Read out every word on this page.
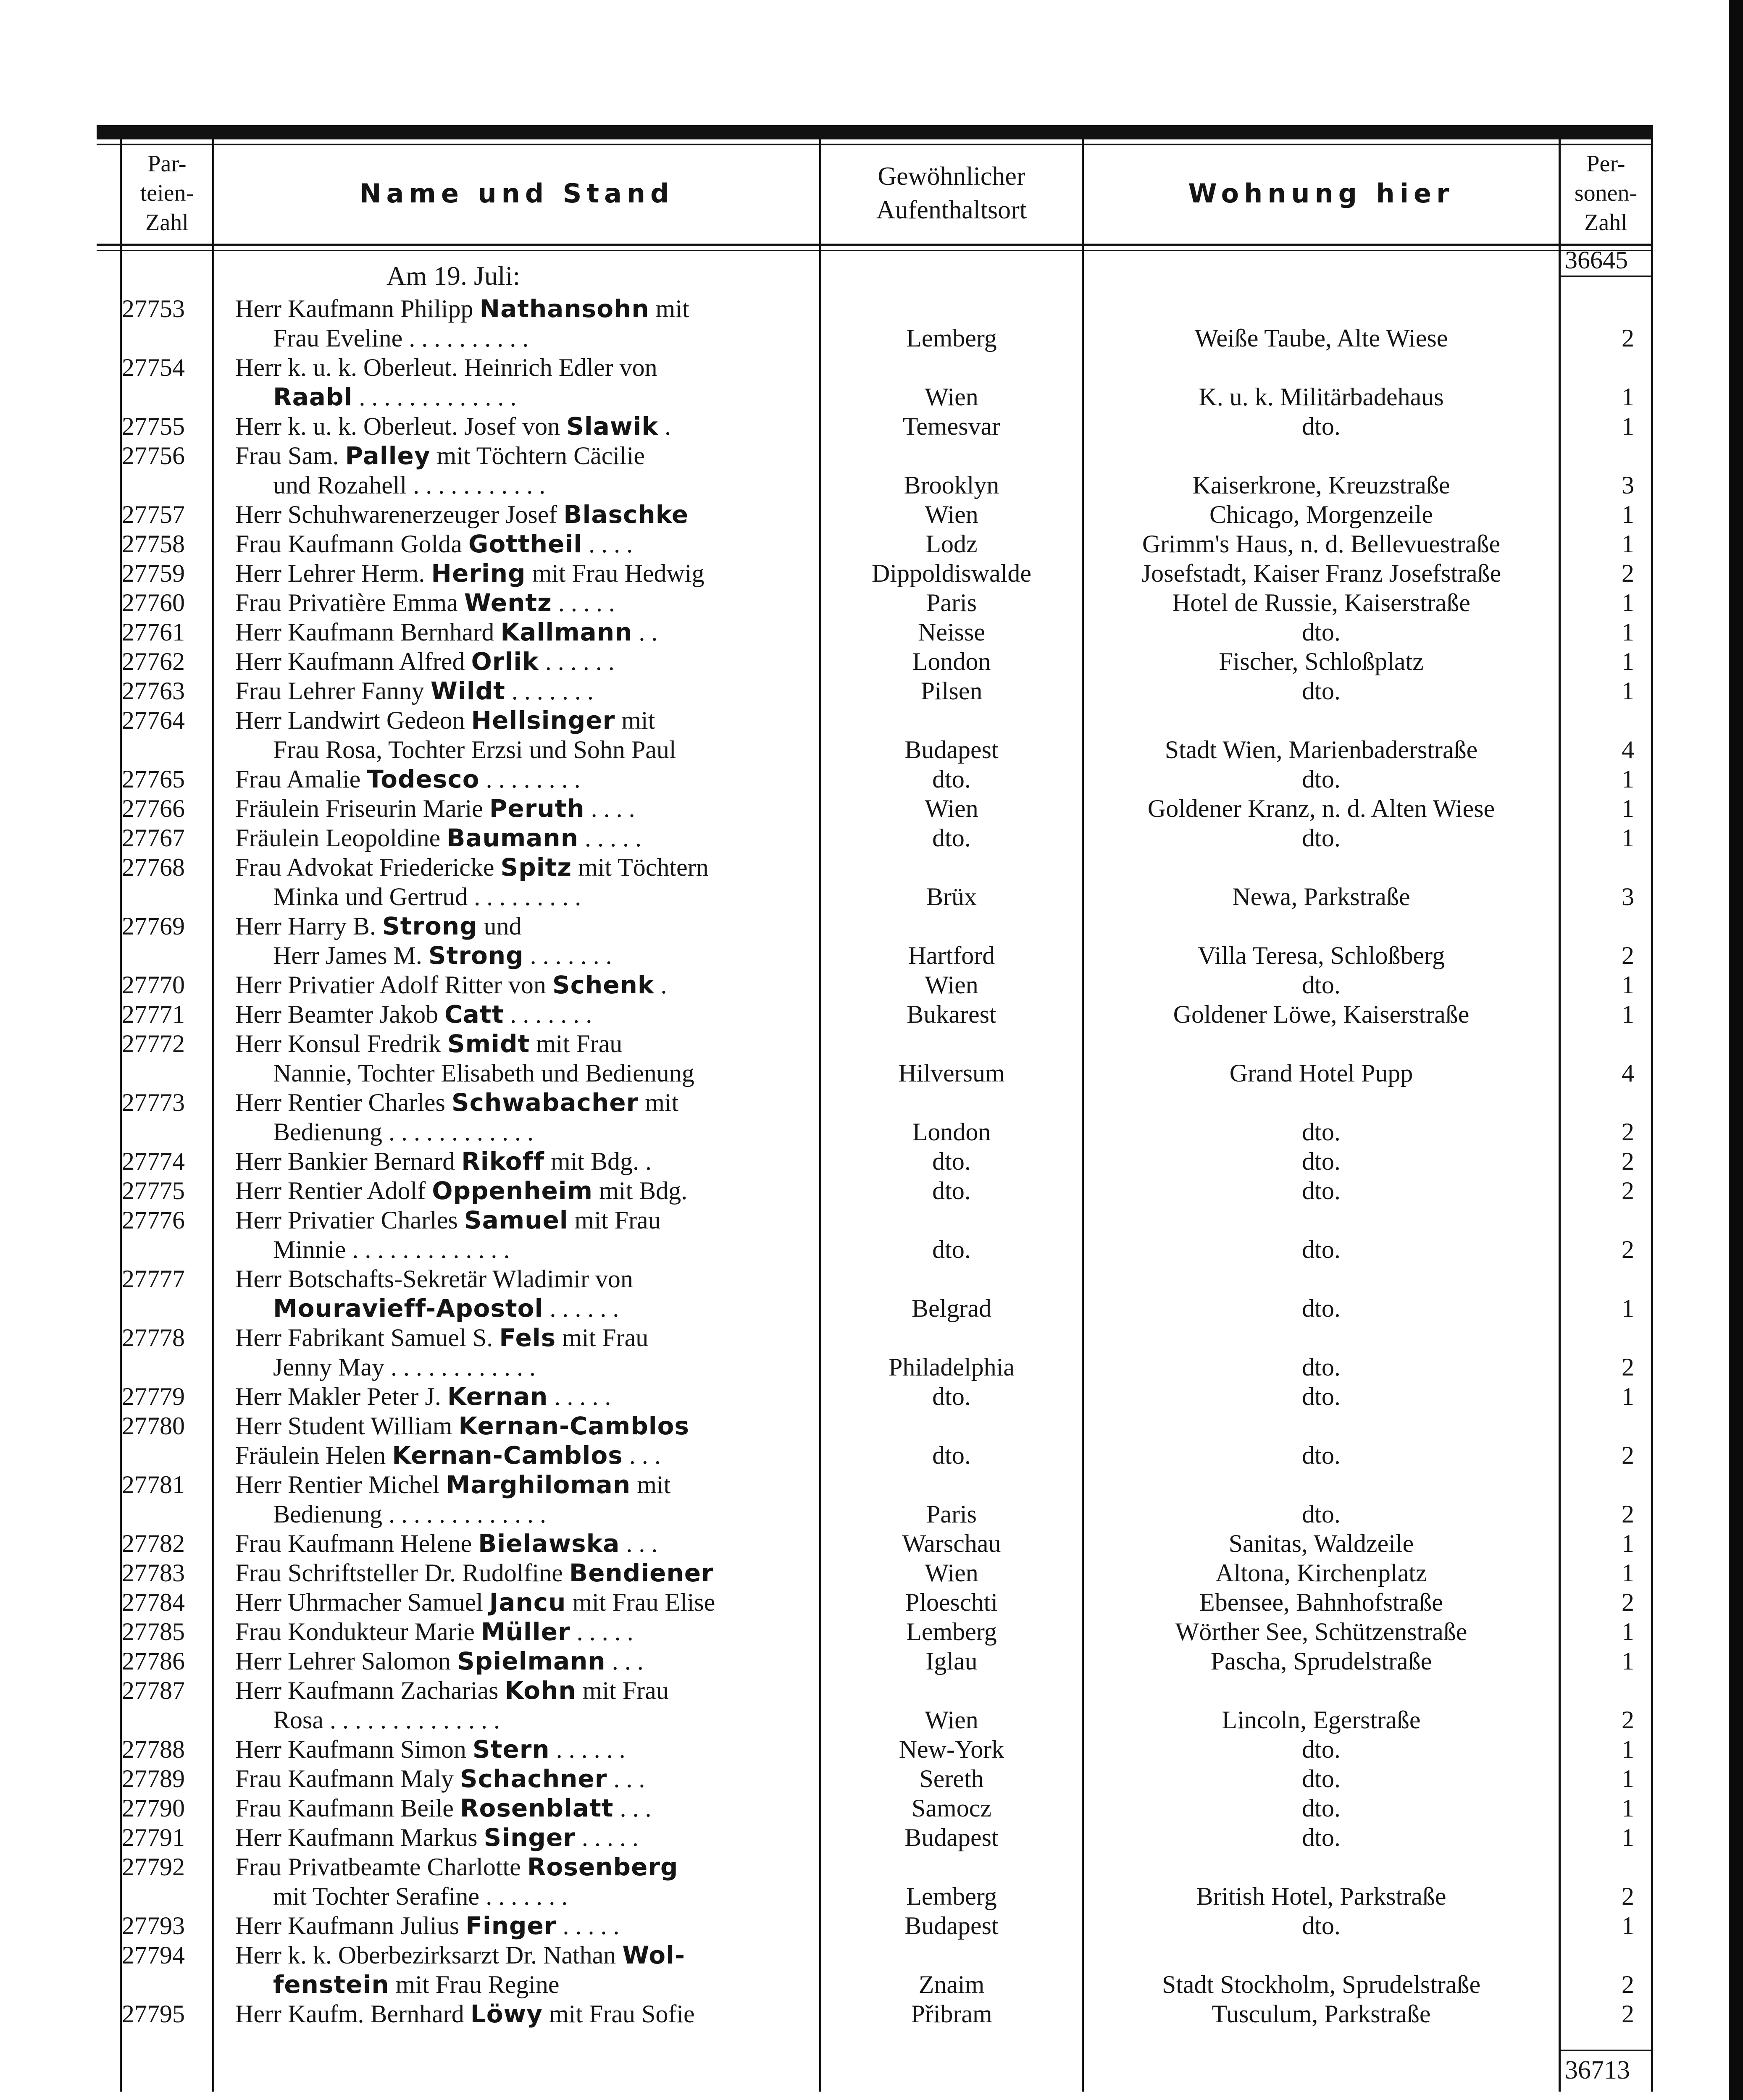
Par-
teien-
Zahl
Name und Stand
Gewöhnlicher
Aufenthaltsort
Wohnung hier
Per-
sonen-
Zahl
Am 19. Juli:
36645
27753	Herr Kaufmann Philipp Nathansohn mit
Frau Eveline . . . . . . . . . .	Lemberg	Weiße Taube, Alte Wiese	2
27754	Herr k. u. k. Oberleut. Heinrich Edler von
Raabl . . . . . . . . . . . . .	Wien	K. u. k. Militärbadehaus	1
27755	Herr k. u. k. Oberleut. Josef von Slawik .	Temesvar	dto.	1
27756	Frau Sam. Palley mit Töchtern Cäcilie
und Rozahell . . . . . . . . . . .	Brooklyn	Kaiserkrone, Kreuzstraße	3
27757	Herr Schuhwarenerzeuger Josef Blaschke	Wien	Chicago, Morgenzeile	1
27758	Frau Kaufmann Golda Gottheil . . . .	Lodz	Grimm's Haus, n. d. Bellevuestraße	1
27759	Herr Lehrer Herm. Hering mit Frau Hedwig	Dippoldiswalde	Josefstadt, Kaiser Franz Josefstraße	2
27760	Frau Privatière Emma Wentz . . . . .	Paris	Hotel de Russie, Kaiserstraße	1
27761	Herr Kaufmann Bernhard Kallmann . .	Neisse	dto.	1
27762	Herr Kaufmann Alfred Orlik . . . . . .	London	Fischer, Schloßplatz	1
27763	Frau Lehrer Fanny Wildt . . . . . . .	Pilsen	dto.	1
27764	Herr Landwirt Gedeon Hellsinger mit
Frau Rosa, Tochter Erzsi und Sohn Paul	Budapest	Stadt Wien, Marienbaderstraße	4
27765	Frau Amalie Todesco . . . . . . . .	dto.	dto.	1
27766	Fräulein Friseurin Marie Peruth . . . .	Wien	Goldener Kranz, n. d. Alten Wiese	1
27767	Fräulein Leopoldine Baumann . . . . .	dto.	dto.	1
27768	Frau Advokat Friedericke Spitz mit Töchtern
Minka und Gertrud . . . . . . . . .	Brüx	Newa, Parkstraße	3
27769	Herr Harry B. Strong und
Herr James M. Strong . . . . . . .	Hartford	Villa Teresa, Schloßberg	2
27770	Herr Privatier Adolf Ritter von Schenk .	Wien	dto.	1
27771	Herr Beamter Jakob Catt . . . . . . .	Bukarest	Goldener Löwe, Kaiserstraße	1
27772	Herr Konsul Fredrik Smidt mit Frau
Nannie, Tochter Elisabeth und Bedienung	Hilversum	Grand Hotel Pupp	4
27773	Herr Rentier Charles Schwabacher mit
Bedienung . . . . . . . . . . . .	London	dto.	2
27774	Herr Bankier Bernard Rikoff mit Bdg. .	dto.	dto.	2
27775	Herr Rentier Adolf Oppenheim mit Bdg.	dto.	dto.	2
27776	Herr Privatier Charles Samuel mit Frau
Minnie . . . . . . . . . . . . .	dto.	dto.	2
27777	Herr Botschafts-Sekretär Wladimir von
Mouravieff-Apostol . . . . . .	Belgrad	dto.	1
27778	Herr Fabrikant Samuel S. Fels mit Frau
Jenny May . . . . . . . . . . . .	Philadelphia	dto.	2
27779	Herr Makler Peter J. Kernan . . . . .	dto.	dto.	1
27780	Herr Student William Kernan-Camblos
Fräulein Helen Kernan-Camblos . . .	dto.	dto.	2
27781	Herr Rentier Michel Marghiloman mit
Bedienung . . . . . . . . . . . . .	Paris	dto.	2
27782	Frau Kaufmann Helene Bielawska . . .	Warschau	Sanitas, Waldzeile	1
27783	Frau Schriftsteller Dr. Rudolfine Bendiener	Wien	Altona, Kirchenplatz	1
27784	Herr Uhrmacher Samuel Jancu mit Frau Elise	Ploeschti	Ebensee, Bahnhofstraße	2
27785	Frau Kondukteur Marie Müller . . . . .	Lemberg	Wörther See, Schützenstraße	1
27786	Herr Lehrer Salomon Spielmann . . .	Iglau	Pascha, Sprudelstraße	1
27787	Herr Kaufmann Zacharias Kohn mit Frau
Rosa . . . . . . . . . . . . . .	Wien	Lincoln, Egerstraße	2
27788	Herr Kaufmann Simon Stern . . . . . .	New-York	dto.	1
27789	Frau Kaufmann Maly Schachner . . .	Sereth	dto.	1
27790	Frau Kaufmann Beile Rosenblatt . . .	Samocz	dto.	1
27791	Herr Kaufmann Markus Singer . . . . .	Budapest	dto.	1
27792	Frau Privatbeamte Charlotte Rosenberg
mit Tochter Serafine . . . . . . .	Lemberg	British Hotel, Parkstraße	2
27793	Herr Kaufmann Julius Finger . . . . .	Budapest	dto.	1
27794	Herr k. k. Oberbezirksarzt Dr. Nathan Wol-
fenstein mit Frau Regine	Znaim	Stadt Stockholm, Sprudelstraße	2
27795	Herr Kaufm. Bernhard Löwy mit Frau Sofie	Přibram	Tusculum, Parkstraße	2
36713
